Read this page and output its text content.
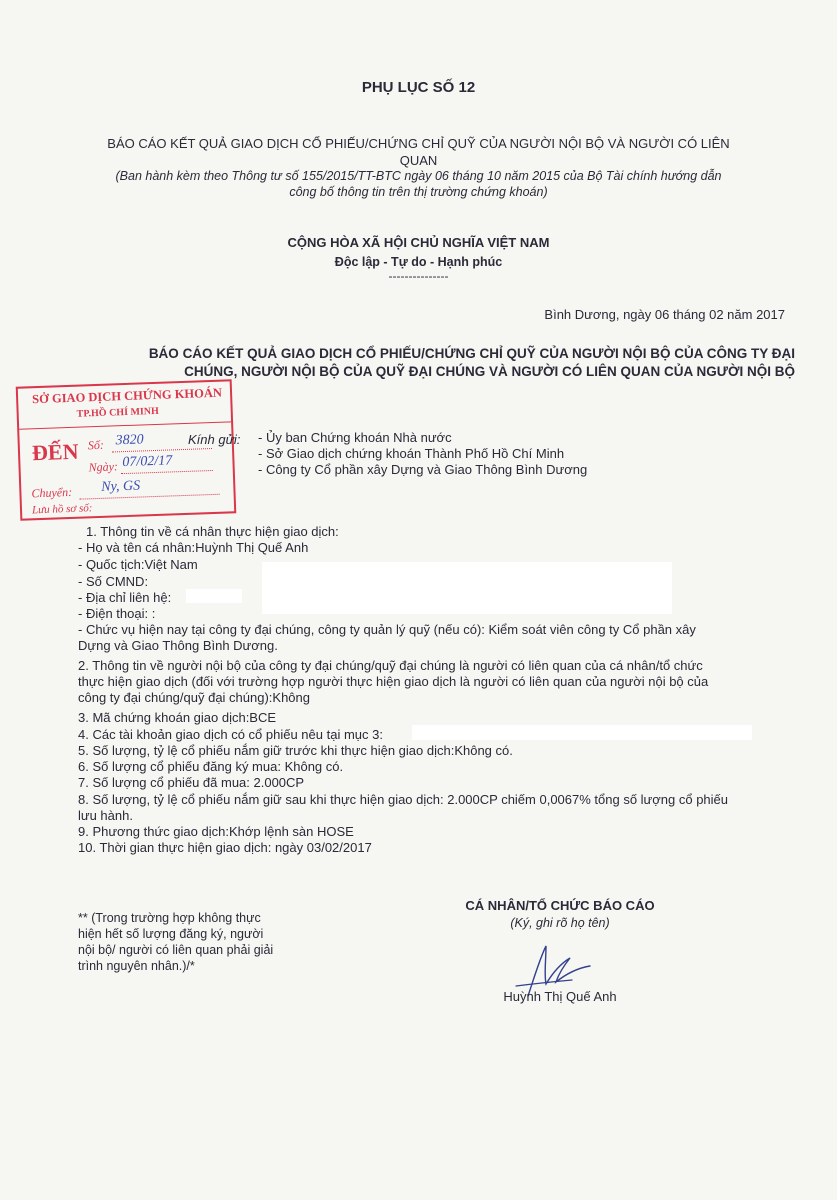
PHỤ LỤC SỐ 12
BÁO CÁO KẾT QUẢ GIAO DỊCH CỔ PHIẾU/CHỨNG CHỈ QUỸ CỦA NGƯỜI NỘI BỘ VÀ NGƯỜI CÓ LIÊN
QUAN
(Ban hành kèm theo Thông tư số 155/2015/TT-BTC ngày 06 tháng 10 năm 2015 của Bộ Tài chính hướng dẫn
công bố thông tin trên thị trường chứng khoán)
CỘNG HÒA XÃ HỘI CHỦ NGHĨA VIỆT NAM
Độc lập - Tự do - Hạnh phúc
---------------
Bình Dương, ngày 06 tháng 02 năm 2017
BÁO CÁO KẾT QUẢ GIAO DỊCH CỔ PHIẾU/CHỨNG CHỈ QUỸ CỦA NGƯỜI NỘI BỘ CỦA CÔNG TY ĐẠI
CHÚNG, NGƯỜI NỘI BỘ CỦA QUỸ ĐẠI CHÚNG VÀ NGƯỜI CÓ LIÊN QUAN CỦA NGƯỜI NỘI BỘ
SỞ GIAO DỊCH CHỨNG KHOÁN
TP.HỒ CHÍ MINH
ĐẾN Số: 3820
Ngày: 07/02/17
Chuyển: Ny, GS
Lưu hồ sơ số:
Kính gửi: - Ủy ban Chứng khoán Nhà nước
- Sở Giao dịch chứng khoán Thành Phố Hồ Chí Minh
- Công ty Cổ phần xây Dựng và Giao Thông Bình Dương
1. Thông tin về cá nhân thực hiện giao dịch:
- Họ và tên cá nhân:Huỳnh Thị Quế Anh
- Quốc tịch:Việt Nam
- Số CMND:
- Địa chỉ liên hệ:
- Điện thoại: :
- Chức vụ hiện nay tại công ty đại chúng, công ty quản lý quỹ (nếu có): Kiểm soát viên công ty Cổ phần xây
Dựng và Giao Thông Bình Dương.
2. Thông tin về người nội bộ của công ty đại chúng/quỹ đại chúng là người có liên quan của cá nhân/tổ chức
thực hiện giao dịch (đối với trường hợp người thực hiện giao dịch là người có liên quan của người nội bộ của
công ty đại chúng/quỹ đại chúng):Không
3. Mã chứng khoán giao dịch:BCE
4. Các tài khoản giao dịch có cổ phiếu nêu tại mục 3:
5. Số lượng, tỷ lệ cổ phiếu nắm giữ trước khi thực hiện giao dịch:Không có.
6. Số lượng cổ phiếu đăng ký mua: Không có.
7. Số lượng cổ phiếu đã mua: 2.000CP
8. Số lượng, tỷ lệ cổ phiếu nắm giữ sau khi thực hiện giao dịch: 2.000CP chiếm 0,0067% tổng số lượng cổ phiếu
lưu hành.
9. Phương thức giao dịch:Khớp lệnh sàn HOSE
10. Thời gian thực hiện giao dịch: ngày 03/02/2017
** (Trong trường hợp không thực hiện hết số lượng đăng ký, người nội bộ/ người có liên quan phải giải trình nguyên nhân.)/*
CÁ NHÂN/TỔ CHỨC BÁO CÁO
(Ký, ghi rõ họ tên)
Huỳnh Thị Quế Anh
